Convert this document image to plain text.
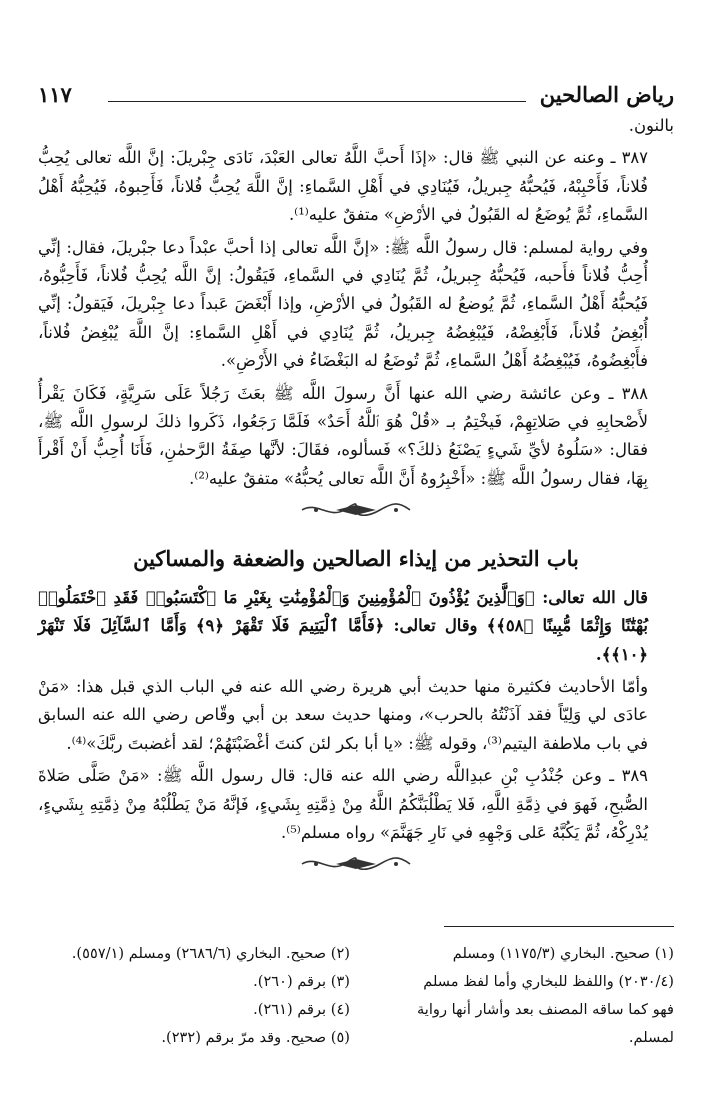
رياض الصالحين
١١٧

بالنون.

٣٨٧ ـ وعنه عن النبي ﷺ قال: «إذَا أَحبَّ اللَّهُ تعالى العَبْدَ، نَادَى جِبْريلَ: إنَّ اللَّه تعالى يُحِبُّ فُلاناً، فَأَحْبِبْهُ، فَيُحبُّهُ جِبريلُ، فَيُنَادِي في أَهْلِ السَّماءِ: إنَّ اللَّهَ يُحِبُّ فُلاناً، فَأَحِبوهُ، فَيُحِبُّهُ أَهْلُ السَّماءِ، ثُمَّ يُوضَعُ له القَبُولُ في الأرْضِ» متفقٌ عليه⁽¹⁾.

وفي رواية لمسلم: قال رسولُ اللَّه ﷺ: «إنَّ اللَّه تعالى إذا أحبَّ عبْداً دعا جبْريلَ، فقال: إنِّي أُحِبُّ فُلاناً فأَحبه، فَيُحبُّهُ جِبريلُ، ثُمَّ يُنَادِي في السَّماءِ، فَيَقُولُ: إنَّ اللَّه يُحِبُّ فُلاناً، فَأَحِبُّوهُ، فَيُحبُّهُ أَهْلُ السَّماءِ، ثُمَّ يُوضعُ له القَبُولُ في الأرْضِ، وإذا أَبْغَضَ عَبداً دعا جِبْريلَ، فَيَقولُ: إنِّي أُبْغِضُ فُلاناً، فَأَبْغِضْهُ، فَيُبْغِضُهُ جِبريلُ، ثُمَّ يُنَادِي في أَهْلِ السَّماءِ: إنَّ اللَّهَ يُبْغِضُ فُلاناً، فأَبْغِضُوهُ، فَيُبْغِضُهُ أَهْلُ السَّماءِ، ثُمَّ تُوضَعُ له البَغْضَاءُ في الأَرْضِ».

٣٨٨ ـ وعن عائشة رضي الله عنها أَنَّ رسولَ اللَّه ﷺ بعَثَ رَجُلاً عَلَى سَرِيَّةٍ، فَكَانَ يَقْرأُ لأَصْحابِهِ في صَلاتِهِمْ، فَيخْتِمُ بـ «قُلْ هُوَ ٱللَّهُ أَحَدٌ» فَلَمَّا رَجَعُوا، ذَكَروا ذلكَ لرسولِ اللَّه ﷺ، فقال: «سَلُوهُ لأيِّ شَيءٍ يَصْنَعُ ذلكَ؟» فَسألوه، فقَالَ: لأنَّها صِفَةُ الرَّحمٰنِ، فَأَنَا أُحِبُّ أَنْ أَقْرأَ بِهَا، فقال رسولُ اللَّه ﷺ: «أَخْبِرُوهُ أَنَّ اللَّه تعالى يُحبُّهُ» متفقٌ عليه⁽²⁾.

باب التحذير من إيذاء الصالحين والضعفة والمساكين

قال الله تعالى: ﴿وَٱلَّذِينَ يُؤْذُونَ ٱلْمُؤْمِنِينَ وَٱلْمُؤْمِنَٰتِ بِغَيْرِ مَا ٱكْتَسَبُوا۟ فَقَدِ ٱحْتَمَلُوا۟ بُهْتَٰنًا وَإِثْمًا مُّبِينًا ﴿٥٨﴾﴾ وقال تعالى: ﴿فَأَمَّا ٱلْيَتِيمَ فَلَا تَقْهَرْ ﴿٩﴾ وَأَمَّا ٱلسَّآئِلَ فَلَا تَنْهَرْ ﴿١٠﴾﴾.

وأمّا الأحاديث فكثيرة منها حديث أبي هريرة رضي الله عنه في الباب الذي قبل هذا: «مَنْ عادَى لي وَلِيّاً فقد آذَنْتُهُ بالحرب»، ومنها حديث سعد بن أبي وقّاص رضي الله عنه السابق في باب ملاطفة اليتيم⁽³⁾، وقوله ﷺ: «يا أبا بكر لئن كنتَ أغْضَبْتَهُمْ؛ لقد أغضبتَ ربَّكَ»⁽⁴⁾.

٣٨٩ ـ وعن جُنْدُبِ بْنِ عبدِاللَّه رضي الله عنه قال: قال رسول اللَّه ﷺ: «مَنْ صَلَّى صَلاةَ الصُّبحِ، فَهوَ في ذِمَّةِ اللَّهِ، فَلا يَطْلُبَنَّكُمُ اللَّهُ مِنْ ذِمَّتِهِ بِشَيءٍ، فَإنَّهُ مَنْ يَطْلُبْهُ مِنْ ذِمَّتِهِ بِشَيءٍ، يُدْرِكْهُ، ثُمَّ يَكُبَّهُ عَلى وَجْهِهِ في نَارِ جَهَنَّمَ» رواه مسلم⁽⁵⁾.

(١) صحيح. البخاري (١١٧٥/٣) ومسلم
(٢) صحيح. البخاري (٢٦٨٦/٦) ومسلم (٥٥٧/١).
(٢٠٣٠/٤) واللفظ للبخاري وأما لفظ مسلم
(٣) برقم (٢٦٠).
فهو كما ساقه المصنف بعد وأشار أنها رواية
(٤) برقم (٢٦١).
لمسلم.
(٥) صحيح. وقد مرّ برقم (٢٣٢).
